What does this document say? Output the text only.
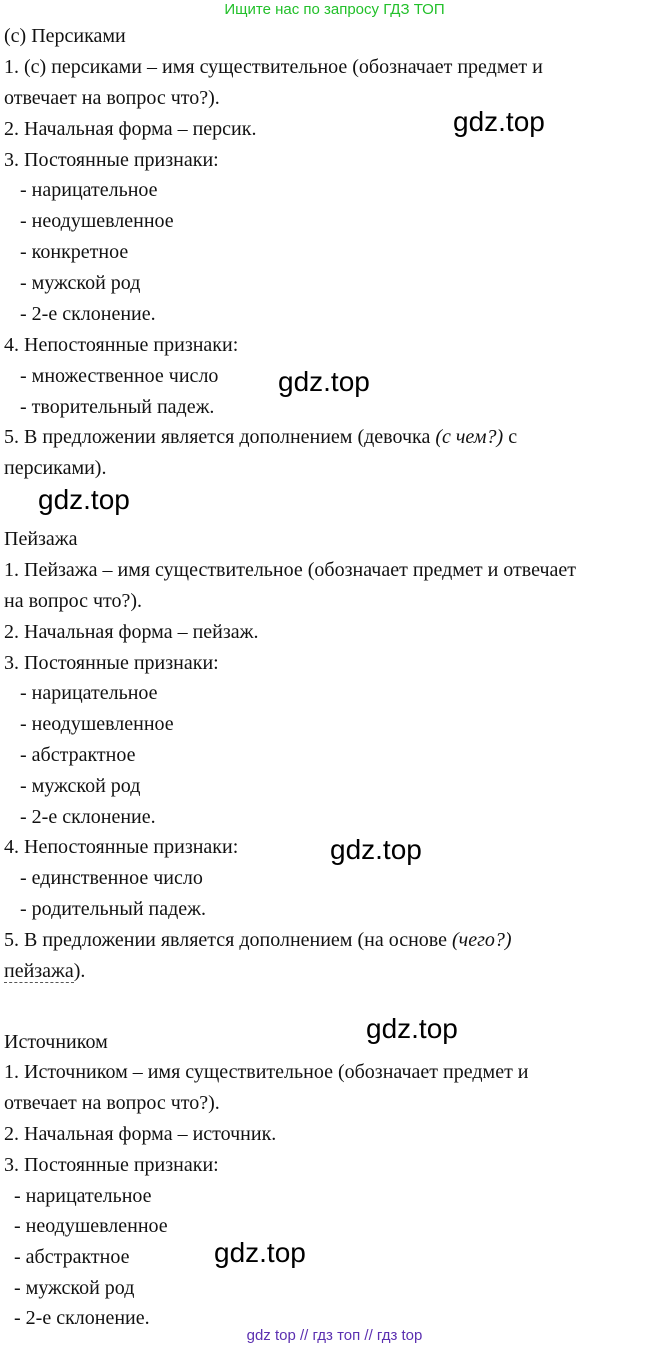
Ищите нас по запросу ГДЗ ТОП
(с) Персиками
1. (с) персиками – имя существительное (обозначает предмет и
отвечает на вопрос что?).
2. Начальная форма – персик.
3. Постоянные признаки:
- нарицательное
- неодушевленное
- конкретное
- мужской род
- 2-е склонение.
4. Непостоянные признаки:
- множественное число
- творительный падеж.
5. В предложении является дополнением (девочка (с чем?) с
персиками).
Пейзажа
1. Пейзажа – имя существительное (обозначает предмет и отвечает
на вопрос что?).
2. Начальная форма – пейзаж.
3. Постоянные признаки:
- нарицательное
- неодушевленное
- абстрактное
- мужской род
- 2-е склонение.
4. Непостоянные признаки:
- единственное число
- родительный падеж.
5. В предложении является дополнением (на основе (чего?)
пейзажа).
Источником
1. Источником – имя существительное (обозначает предмет и
отвечает на вопрос что?).
2. Начальная форма – источник.
3. Постоянные признаки:
- нарицательное
- неодушевленное
- абстрактное
- мужской род
- 2-е склонение.
gdz.top
gdz.top
gdz.top
gdz.top
gdz.top
gdz.top
gdz top // гдз топ // гдз top
